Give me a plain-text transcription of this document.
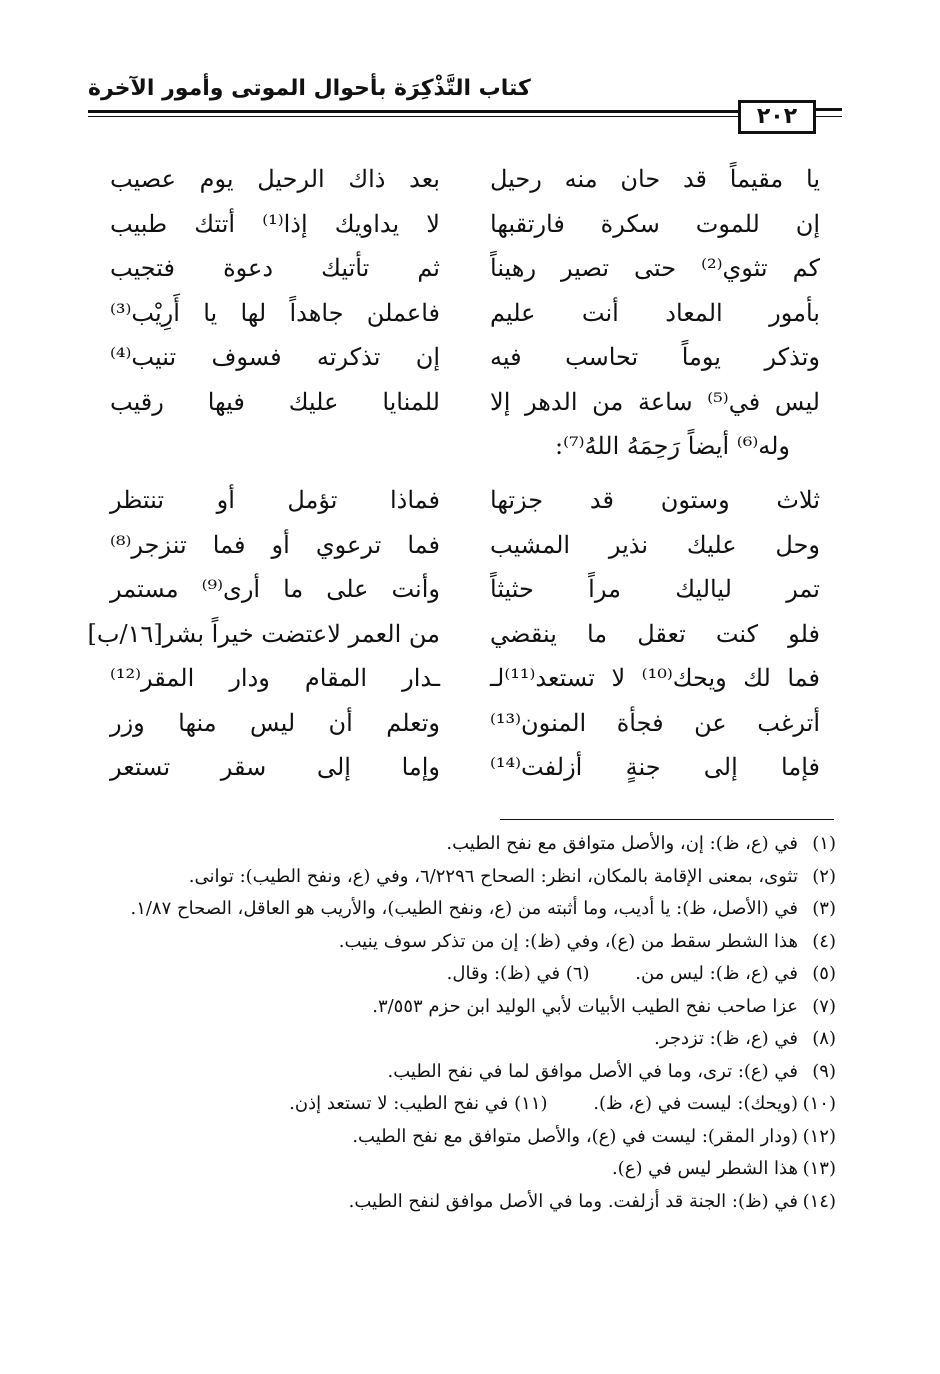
كتاب التَّذْكِرَة بأحوال الموتى وأمور الآخرة
٢٠٢
يا مقيماً قد حان منه رحيل
بعد ذاك الرحيل يوم عصيب
إن للموت سكرة فارتقبها
لا يداويك إذا⁽¹⁾ أتتك طبيب
كم تثوي⁽²⁾ حتى تصير رهيناً
ثم تأتيك دعوة فتجيب
بأمور المعاد أنت عليم
فاعملن جاهداً لها يا أَرِيْب⁽³⁾
وتذكر يوماً تحاسب فيه
إن تذكرته فسوف تنيب⁽⁴⁾
ليس في⁽⁵⁾ ساعة من الدهر إلا
للمنايا عليك فيها رقيب
وله⁽⁶⁾ أيضاً رَحِمَهُ اللهُ⁽⁷⁾:
ثلاث وستون قد جزتها
فماذا تؤمل أو تنتظر
وحل عليك نذير المشيب
فما ترعوي أو فما تنزجر⁽⁸⁾
تمر لياليك مراً حثيثاً
وأنت على ما أرى⁽⁹⁾ مستمر
فلو كنت تعقل ما ينقضي
من العمر لاعتضت خيراً بشر[١٦/ب]
فما لك ويحك⁽¹⁰⁾ لا تستعد⁽¹¹⁾لـ
ـدار المقام ودار المقر⁽¹²⁾
أترغب عن فجأة المنون⁽¹³⁾
وتعلم أن ليس منها وزر
فإما إلى جنةٍ أزلفت⁽¹⁴⁾
وإما إلى سقر تستعر
(١)
في (ع، ظ): إن، والأصل متوافق مع نفح الطيب.
(٢)
تثوى، بمعنى الإقامة بالمكان، انظر: الصحاح ٦/٢٢٩٦، وفي (ع، ونفح الطيب): توانى.
(٣)
في (الأصل، ظ): يا أديب، وما أثبته من (ع، ونفح الطيب)، والأريب هو العاقل، الصحاح ١/٨٧.
(٤)
هذا الشطر سقط من (ع)، وفي (ظ): إن من تذكر سوف ينيب.
(٥)
في (ع، ظ): ليس من. (٦) في (ظ): وقال.
(٧)
عزا صاحب نفح الطيب الأبيات لأبي الوليد ابن حزم ٣/٥٥٣.
(٨)
في (ع، ظ): تزدجر.
(٩)
في (ع): ترى، وما في الأصل موافق لما في نفح الطيب.
(١٠)
(ويحك): ليست في (ع، ظ). (١١) في نفح الطيب: لا تستعد إذن.
(١٢)
(ودار المقر): ليست في (ع)، والأصل متوافق مع نفح الطيب.
(١٣)
هذا الشطر ليس في (ع).
(١٤)
في (ظ): الجنة قد أزلفت. وما في الأصل موافق لنفح الطيب.
